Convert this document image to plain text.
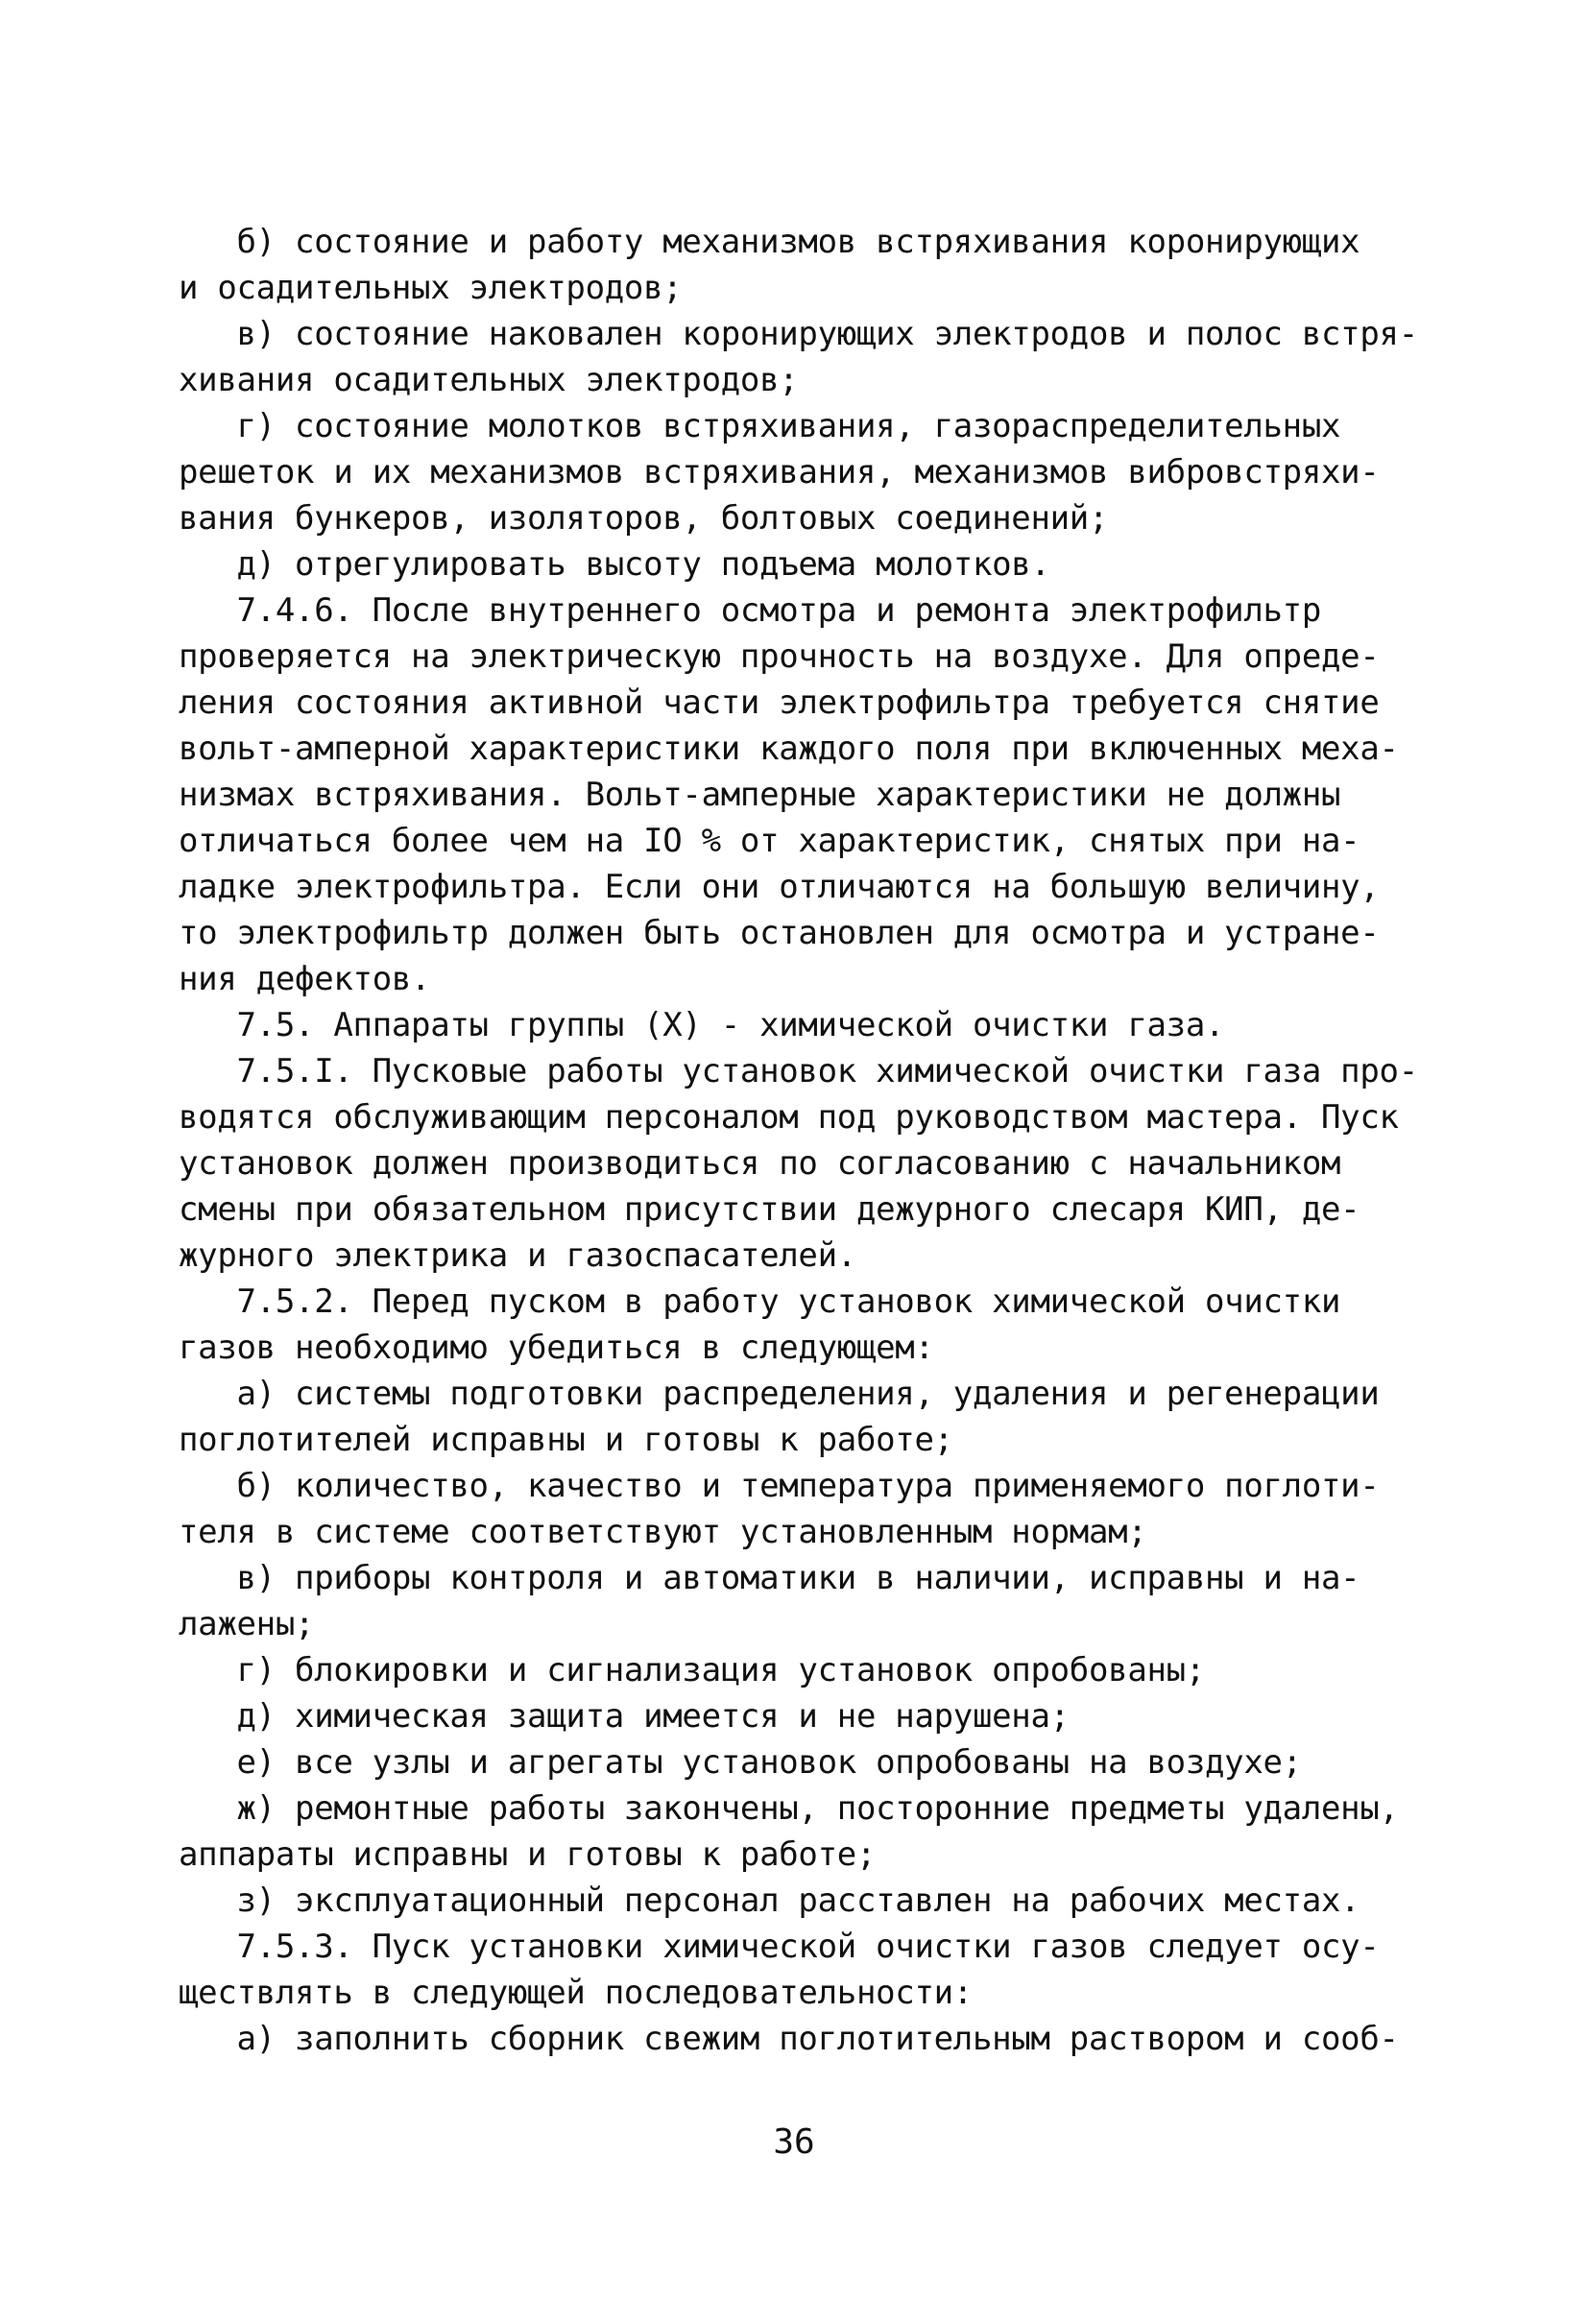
б) состояние и работу механизмов встряхивания коронирующих
и осадительных электродов;
в) состояние наковален коронирующих электродов и полос встря-
хивания осадительных электродов;
г) состояние молотков встряхивания, газораспределительных
решеток и их механизмов встряхивания, механизмов вибровстряхи-
вания бункеров, изоляторов, болтовых соединений;
д) отрегулировать высоту подъема молотков.
7.4.6. После внутреннего осмотра и ремонта электрофильтр
проверяется на электрическую прочность на воздухе. Для опреде-
ления состояния активной части электрофильтра требуется снятие
вольт-амперной характеристики каждого поля при включенных меха-
низмах встряхивания. Вольт-амперные характеристики не должны
отличаться более чем на IO % от характеристик, снятых при на-
ладке электрофильтра. Если они отличаются на большую величину,
то электрофильтр должен быть остановлен для осмотра и устране-
ния дефектов.
7.5. Аппараты группы (X) - химической очистки газа.
7.5.I. Пусковые работы установок химической очистки газа про-
водятся обслуживающим персоналом под руководством мастера. Пуск
установок должен производиться по согласованию с начальником
смены при обязательном присутствии дежурного слесаря КИП, де-
журного электрика и газоспасателей.
7.5.2. Перед пуском в работу установок химической очистки
газов необходимо убедиться в следующем:
а) системы подготовки распределения, удаления и регенерации
поглотителей исправны и готовы к работе;
б) количество, качество и температура применяемого поглоти-
теля в системе соответствуют установленным нормам;
в) приборы контроля и автоматики в наличии, исправны и на-
лажены;
г) блокировки и сигнализация установок опробованы;
д) химическая защита имеется и не нарушена;
е) все узлы и агрегаты установок опробованы на воздухе;
ж) ремонтные работы закончены, посторонние предметы удалены,
аппараты исправны и готовы к работе;
з) эксплуатационный персонал расставлен на рабочих местах.
7.5.3. Пуск установки химической очистки газов следует осу-
ществлять в следующей последовательности:
а) заполнить сборник свежим поглотительным раствором и сооб-
36
